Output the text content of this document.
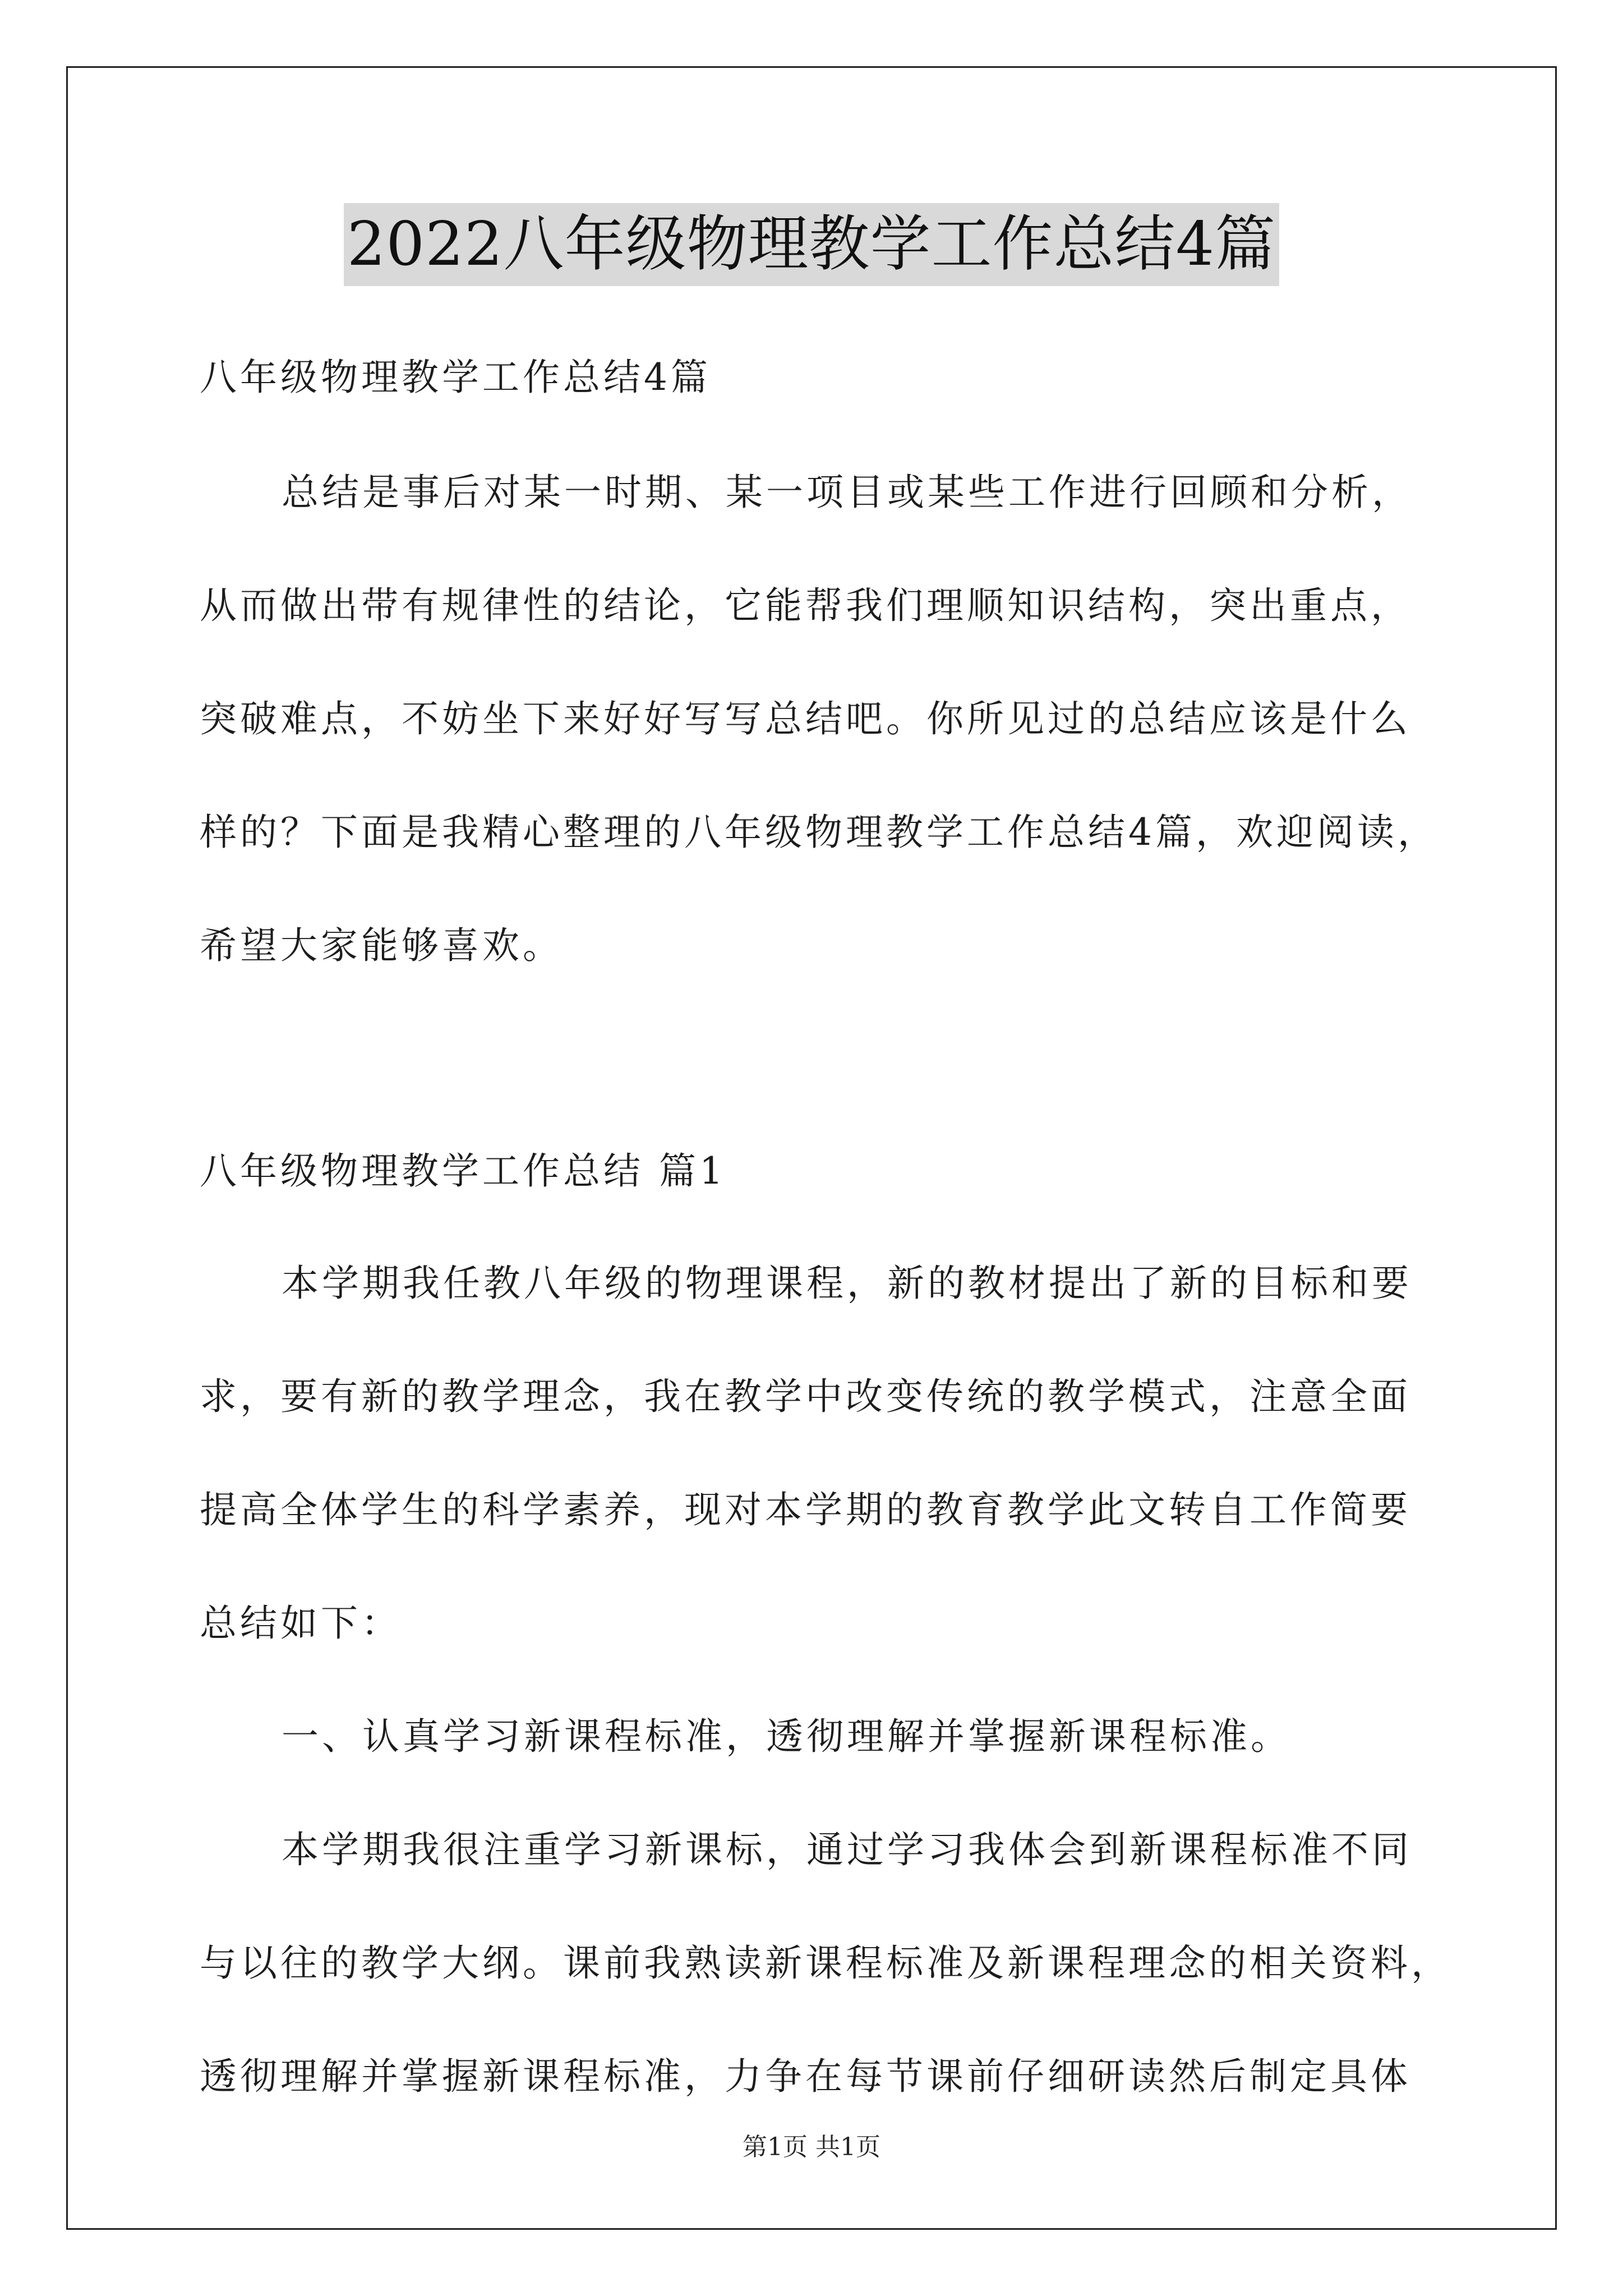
2022八年级物理教学工作总结4篇
八年级物理教学工作总结4篇
总结是事后对某一时期、某一项目或某些工作进行回顾和分析，
从而做出带有规律性的结论，它能帮我们理顺知识结构，突出重点，
突破难点，不妨坐下来好好写写总结吧。你所见过的总结应该是什么
样的？下面是我精心整理的八年级物理教学工作总结4篇，欢迎阅读，
希望大家能够喜欢。
八年级物理教学工作总结 篇1
本学期我任教八年级的物理课程，新的教材提出了新的目标和要
求，要有新的教学理念，我在教学中改变传统的教学模式，注意全面
提高全体学生的科学素养，现对本学期的教育教学此文转自工作简要
总结如下：
一、认真学习新课程标准，透彻理解并掌握新课程标准。
本学期我很注重学习新课标，通过学习我体会到新课程标准不同
与以往的教学大纲。课前我熟读新课程标准及新课程理念的相关资料，
透彻理解并掌握新课程标准，力争在每节课前仔细研读然后制定具体
第1页 共1页
